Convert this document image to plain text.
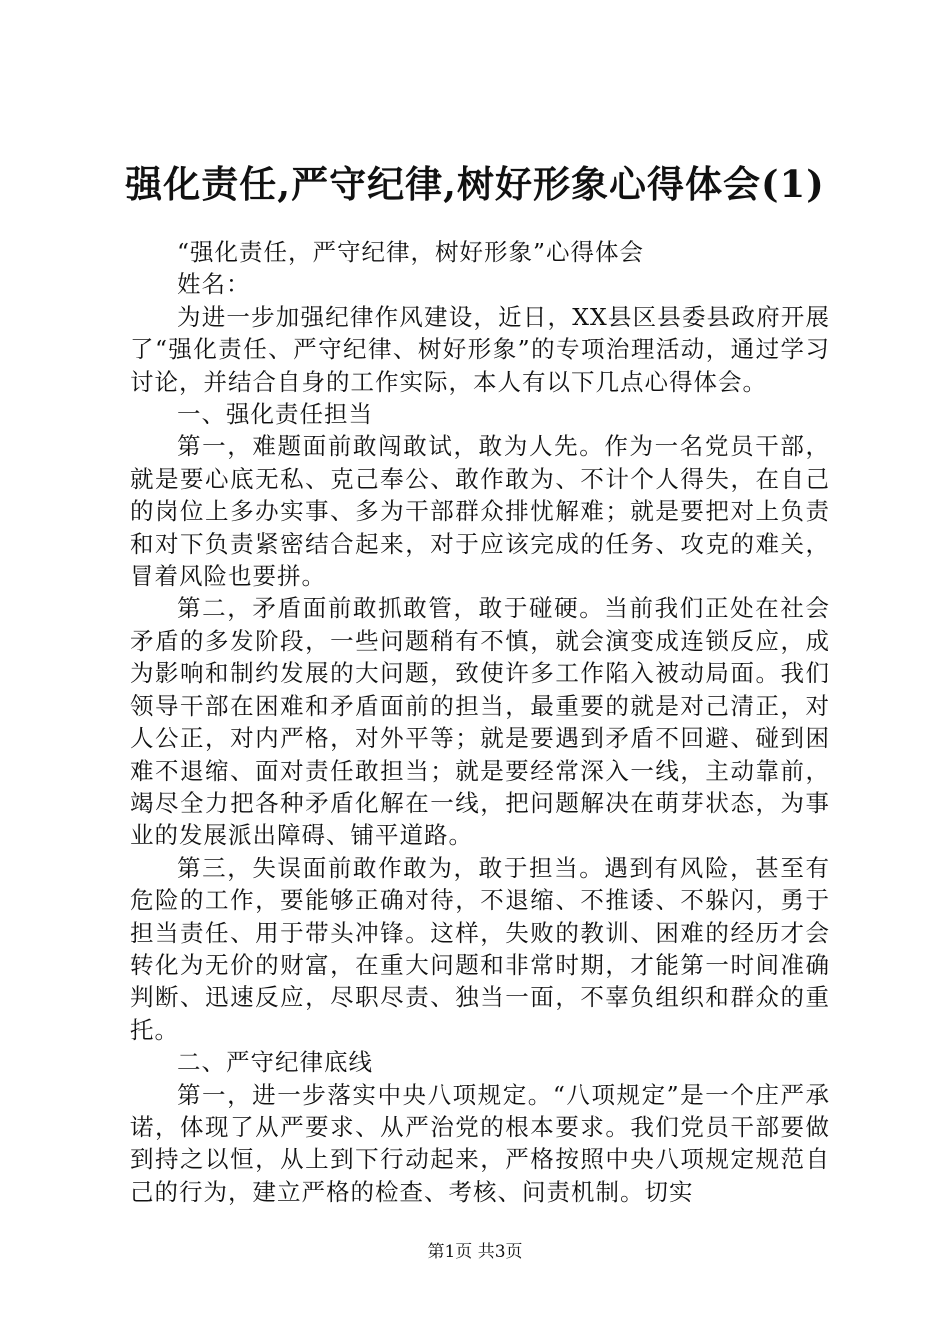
强化责任,严守纪律,树好形象心得体会(1)

“强化责任，严守纪律，树好形象”心得体会

姓名：

为进一步加强纪律作风建设，近日，XX县区县委县政府开展了“强化责任、严守纪律、树好形象”的专项治理活动，通过学习讨论，并结合自身的工作实际，本人有以下几点心得体会。

一、强化责任担当

第一，难题面前敢闯敢试，敢为人先。作为一名党员干部，就是要心底无私、克己奉公、敢作敢为、不计个人得失，在自己的岗位上多办实事、多为干部群众排忧解难；就是要把对上负责和对下负责紧密结合起来，对于应该完成的任务、攻克的难关，冒着风险也要拼。

第二，矛盾面前敢抓敢管，敢于碰硬。当前我们正处在社会矛盾的多发阶段，一些问题稍有不慎，就会演变成连锁反应，成为影响和制约发展的大问题，致使许多工作陷入被动局面。我们领导干部在困难和矛盾面前的担当，最重要的就是对己清正，对人公正，对内严格，对外平等；就是要遇到矛盾不回避、碰到困难不退缩、面对责任敢担当；就是要经常深入一线，主动靠前，竭尽全力把各种矛盾化解在一线，把问题解决在萌芽状态，为事业的发展派出障碍、铺平道路。

第三，失误面前敢作敢为，敢于担当。遇到有风险，甚至有危险的工作，要能够正确对待，不退缩、不推诿、不躲闪，勇于担当责任、用于带头冲锋。这样，失败的教训、困难的经历才会转化为无价的财富，在重大问题和非常时期，才能第一时间准确判断、迅速反应，尽职尽责、独当一面，不辜负组织和群众的重托。

二、严守纪律底线

第一，进一步落实中央八项规定。“八项规定”是一个庄严承诺，体现了从严要求、从严治党的根本要求。我们党员干部要做到持之以恒，从上到下行动起来，严格按照中央八项规定规范自己的行为，建立严格的检查、考核、问责机制。切实

第1页 共3页
